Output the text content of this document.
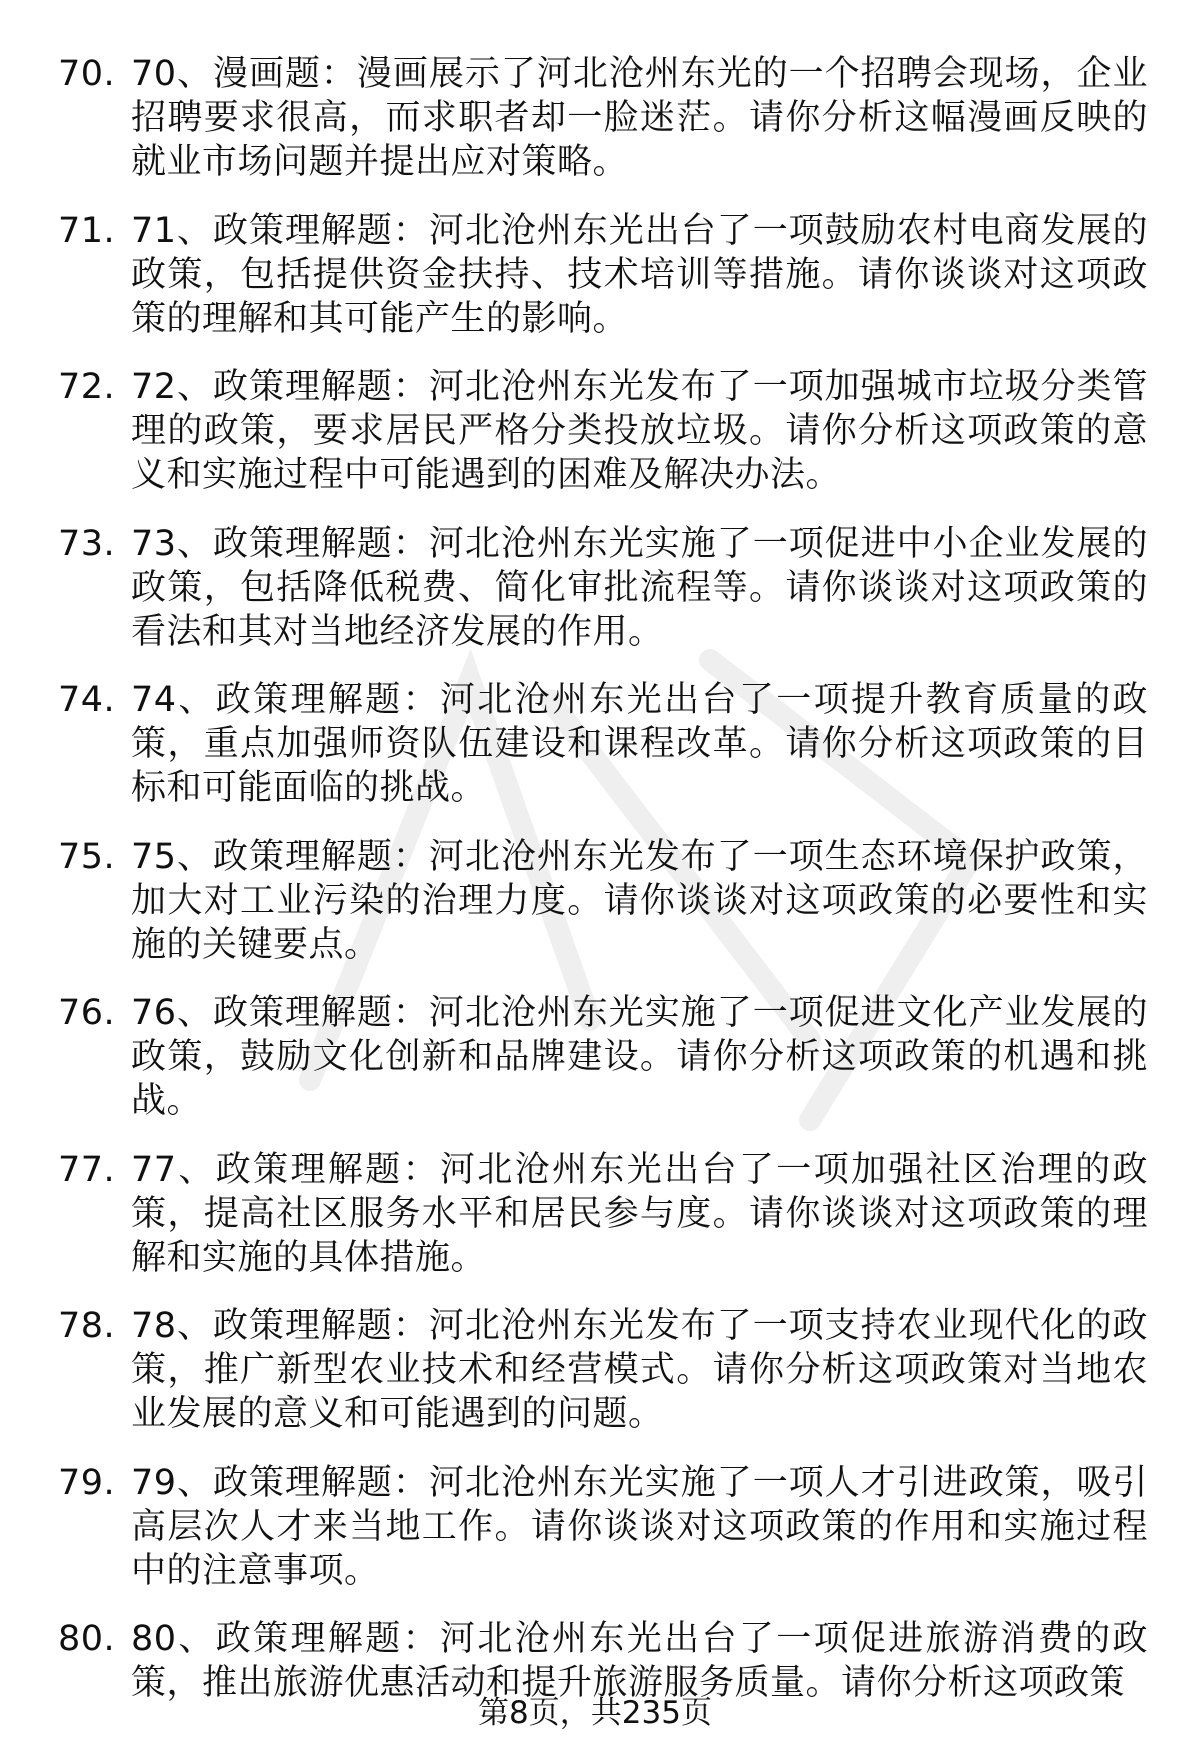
70. 70、漫画题：漫画展示了河北沧州东光的一个招聘会现场，企业招聘要求很高，而求职者却一脸迷茫。请你分析这幅漫画反映的就业市场问题并提出应对策略。
71. 71、政策理解题：河北沧州东光出台了一项鼓励农村电商发展的政策，包括提供资金扶持、技术培训等措施。请你谈谈对这项政策的理解和其可能产生的影响。
72. 72、政策理解题：河北沧州东光发布了一项加强城市垃圾分类管理的政策，要求居民严格分类投放垃圾。请你分析这项政策的意义和实施过程中可能遇到的困难及解决办法。
73. 73、政策理解题：河北沧州东光实施了一项促进中小企业发展的政策，包括降低税费、简化审批流程等。请你谈谈对这项政策的看法和其对当地经济发展的作用。
74. 74、政策理解题：河北沧州东光出台了一项提升教育质量的政策，重点加强师资队伍建设和课程改革。请你分析这项政策的目标和可能面临的挑战。
75. 75、政策理解题：河北沧州东光发布了一项生态环境保护政策，加大对工业污染的治理力度。请你谈谈对这项政策的必要性和实施的关键要点。
76. 76、政策理解题：河北沧州东光实施了一项促进文化产业发展的政策，鼓励文化创新和品牌建设。请你分析这项政策的机遇和挑战。
77. 77、政策理解题：河北沧州东光出台了一项加强社区治理的政策，提高社区服务水平和居民参与度。请你谈谈对这项政策的理解和实施的具体措施。
78. 78、政策理解题：河北沧州东光发布了一项支持农业现代化的政策，推广新型农业技术和经营模式。请你分析这项政策对当地农业发展的意义和可能遇到的问题。
79. 79、政策理解题：河北沧州东光实施了一项人才引进政策，吸引高层次人才来当地工作。请你谈谈对这项政策的作用和实施过程中的注意事项。
80. 80、政策理解题：河北沧州东光出台了一项促进旅游消费的政策，推出旅游优惠活动和提升旅游服务质量。请你分析这项政策
第8页，共235页
